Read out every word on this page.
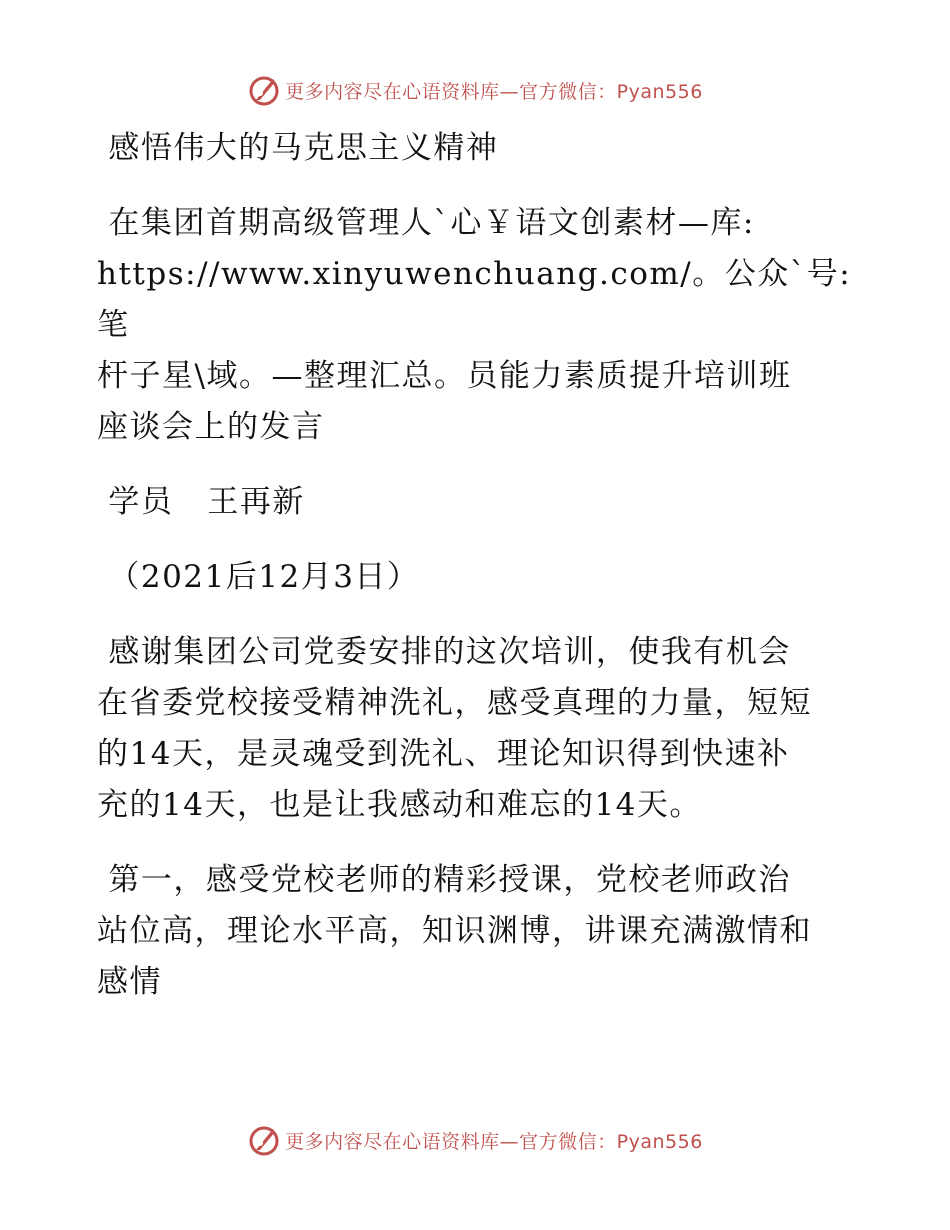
更多内容尽在心语资料库—官方微信：Pyan556

感悟伟大的马克思主义精神

在集团首期高级管理人`心￥语文创素材—库:
https://www.xinyuwenchuang.com/。公众`号: 笔
杆子星\域。—整理汇总。员能力素质提升培训班
座谈会上的发言

学员   王再新

（2021后12月3日）

感谢集团公司党委安排的这次培训，使我有机会
在省委党校接受精神洗礼，感受真理的力量，短短
的14天，是灵魂受到洗礼、理论知识得到快速补
充的14天，也是让我感动和难忘的14天。

第一，感受党校老师的精彩授课，党校老师政治
站位高，理论水平高，知识渊博，讲课充满激情和
感情

更多内容尽在心语资料库—官方微信：Pyan556
